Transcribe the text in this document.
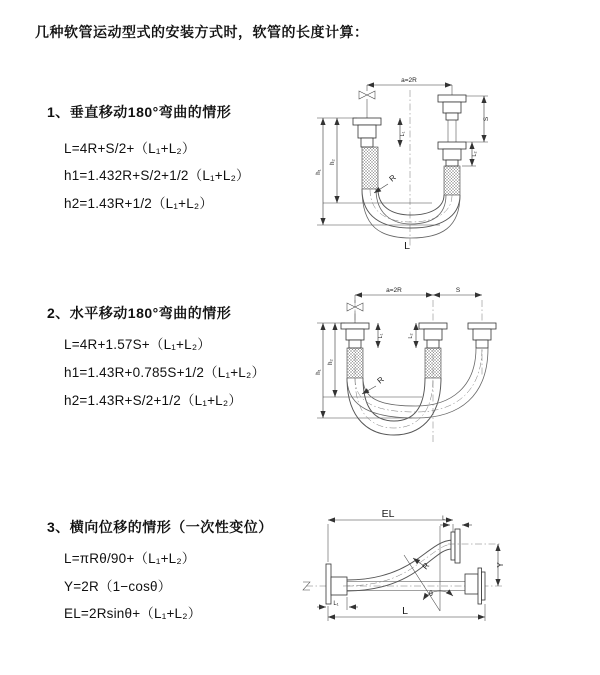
几种软管运动型式的安装方式时，软管的长度计算：
1、垂直移动180°弯曲的情形
L=4R+S/2+（L₁+L₂）
h1=1.432R+S/2+1/2（L₁+L₂）
h2=1.43R+1/2（L₁+L₂）
2、水平移动180°弯曲的情形
L=4R+1.57S+（L₁+L₂）
h1=1.43R+0.785S+1/2（L₁+L₂）
h2=1.43R+S/2+1/2（L₁+L₂）
3、横向位移的情形（一次性变位）
L=πRθ/90+（L₁+L₂）
Y=2R（1−cosθ）
EL=2Rsinθ+（L₁+L₂）
a=2R
L₁
S
L₂
h₁
h₂
R
L
a=2R	S
L₁	L₂
h₁
h₂
R
EL	L₂
Y
θ
R
L₁
L
